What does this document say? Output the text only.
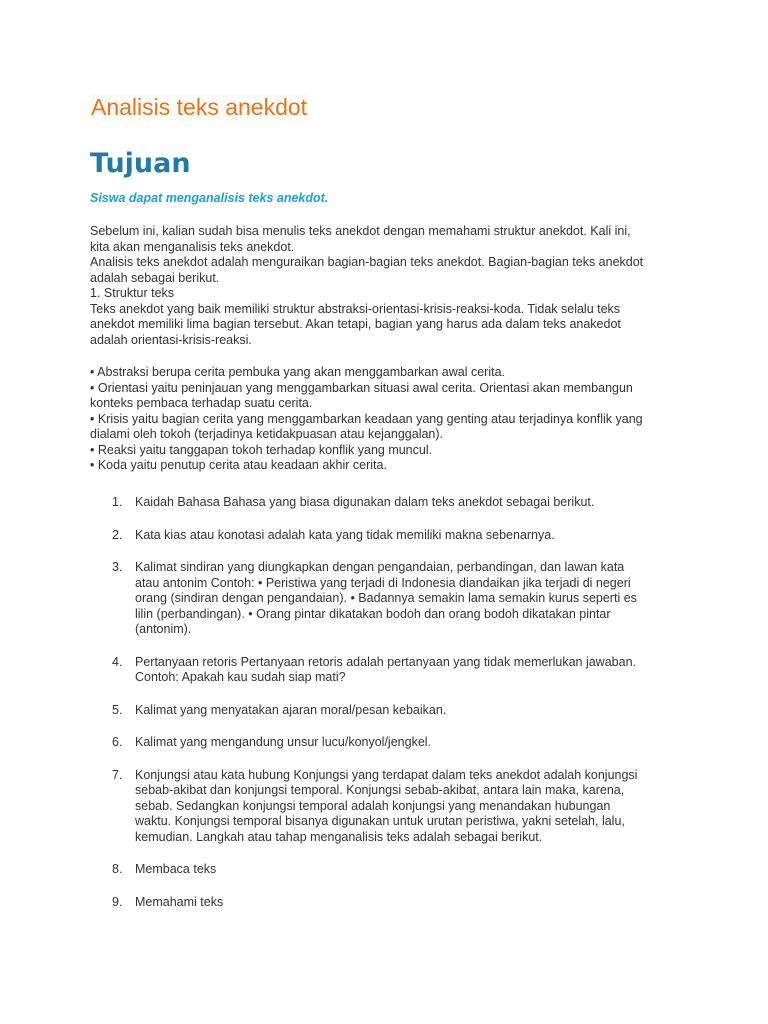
Analisis teks anekdot
Tujuan
Siswa dapat menganalisis teks anekdot.
Sebelum ini, kalian sudah bisa menulis teks anekdot dengan memahami struktur anekdot. Kali ini,
kita akan menganalisis teks anekdot.
Analisis teks anekdot adalah menguraikan bagian-bagian teks anekdot. Bagian-bagian teks anekdot
adalah sebagai berikut.
1. Struktur teks
Teks anekdot yang baik memiliki struktur abstraksi-orientasi-krisis-reaksi-koda. Tidak selalu teks
anekdot memiliki lima bagian tersebut. Akan tetapi, bagian yang harus ada dalam teks anakedot
adalah orientasi-krisis-reaksi.
• Abstraksi berupa cerita pembuka yang akan menggambarkan awal cerita.
• Orientasi yaitu peninjauan yang menggambarkan situasi awal cerita. Orientasi akan membangun
konteks pembaca terhadap suatu cerita.
• Krisis yaitu bagian cerita yang menggambarkan keadaan yang genting atau terjadinya konflik yang
dialami oleh tokoh (terjadinya ketidakpuasan atau kejanggalan).
• Reaksi yaitu tanggapan tokoh terhadap konflik yang muncul.
• Koda yaitu penutup cerita atau keadaan akhir cerita.
1.	Kaidah Bahasa Bahasa yang biasa digunakan dalam teks anekdot sebagai berikut.
2.	Kata kias atau konotasi adalah kata yang tidak memiliki makna sebenarnya.
3.	Kalimat sindiran yang diungkapkan dengan pengandaian, perbandingan, dan lawan kata
atau antonim Contoh: • Peristiwa yang terjadi di Indonesia diandaikan jika terjadi di negeri
orang (sindiran dengan pengandaian). • Badannya semakin lama semakin kurus seperti es
lilin (perbandingan). • Orang pintar dikatakan bodoh dan orang bodoh dikatakan pintar
(antonim).
4.	Pertanyaan retoris Pertanyaan retoris adalah pertanyaan yang tidak memerlukan jawaban.
Contoh: Apakah kau sudah siap mati?
5.	Kalimat yang menyatakan ajaran moral/pesan kebaikan.
6.	Kalimat yang mengandung unsur lucu/konyol/jengkel.
7.	Konjungsi atau kata hubung Konjungsi yang terdapat dalam teks anekdot adalah konjungsi
sebab-akibat dan konjungsi temporal. Konjungsi sebab-akibat, antara lain maka, karena,
sebab. Sedangkan konjungsi temporal adalah konjungsi yang menandakan hubungan
waktu. Konjungsi temporal bisanya digunakan untuk urutan peristiwa, yakni setelah, lalu,
kemudian. Langkah atau tahap menganalisis teks adalah sebagai berikut.
8.	Membaca teks
9.	Memahami teks
